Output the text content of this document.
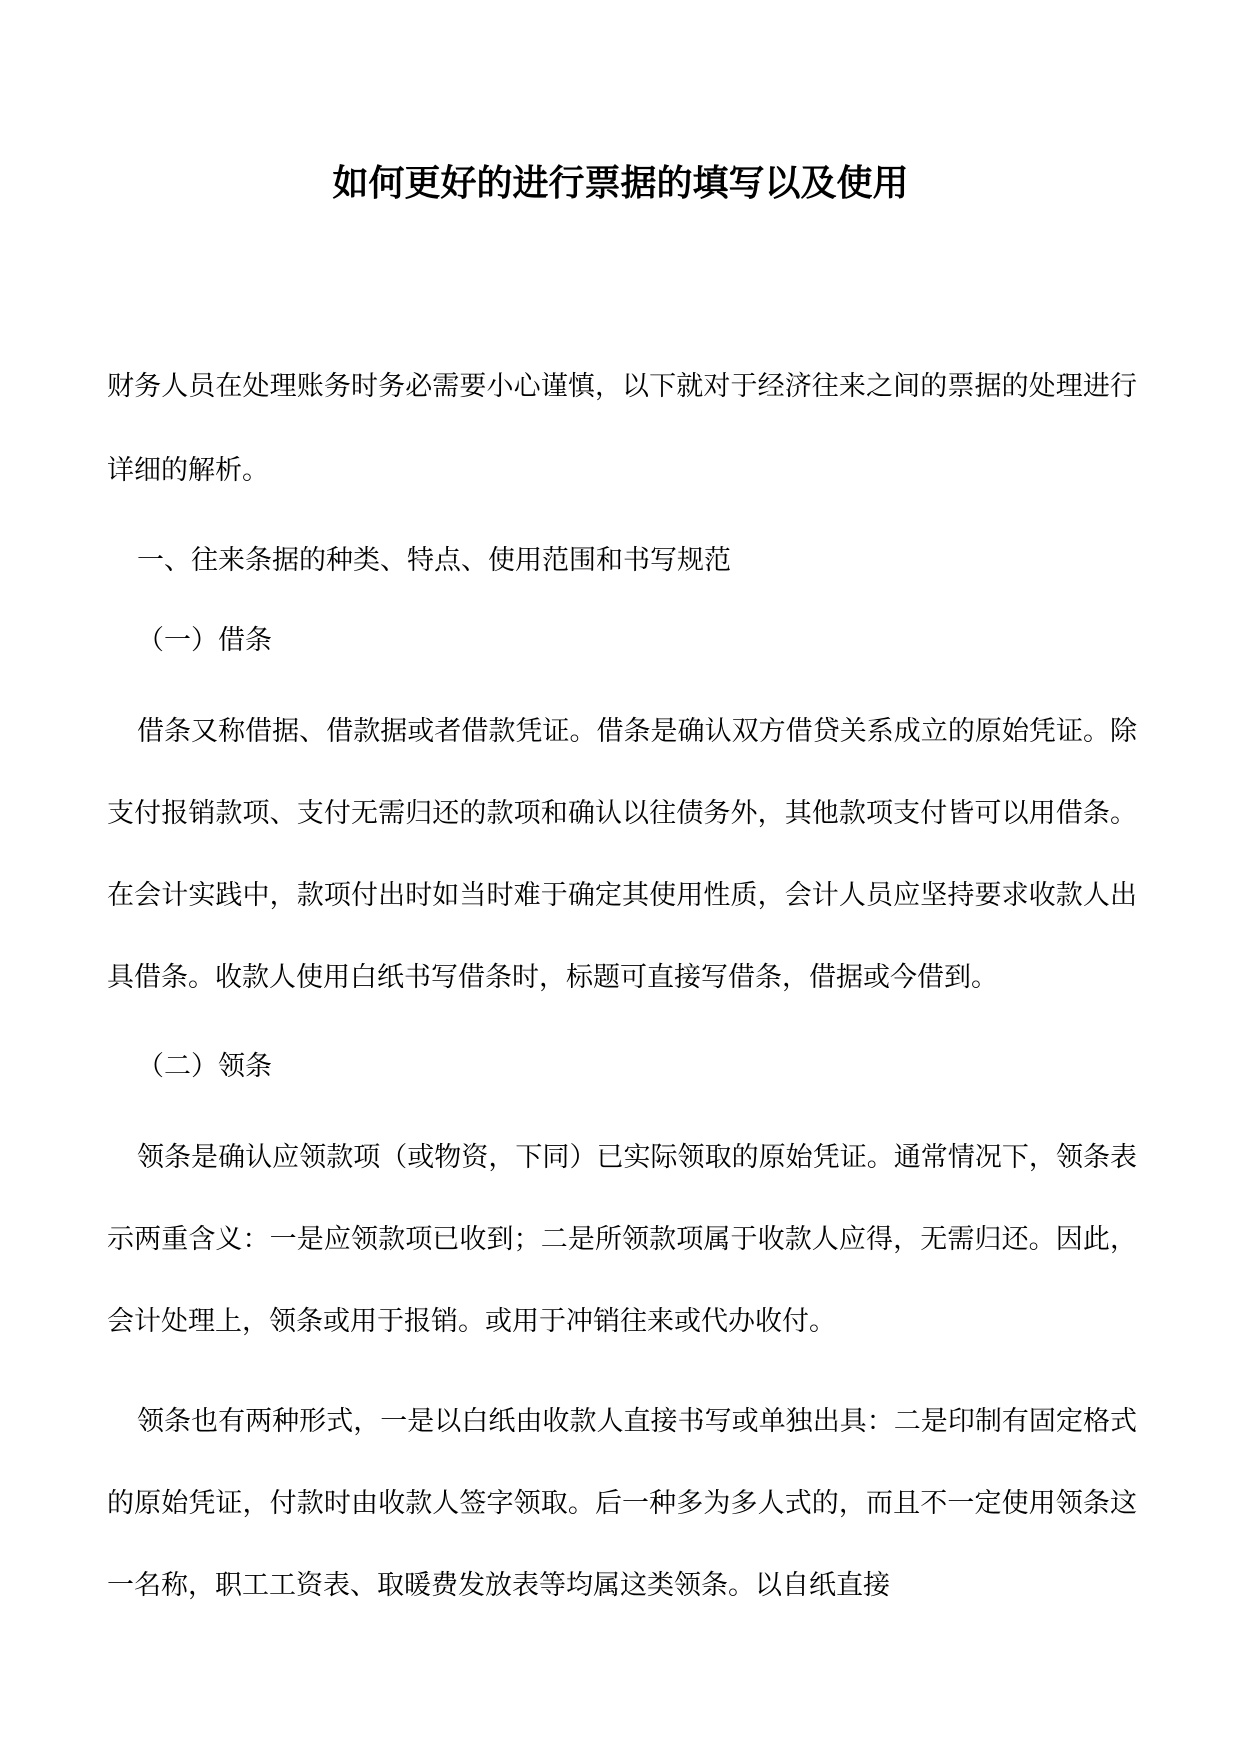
如何更好的进行票据的填写以及使用

财务人员在处理账务时务必需要小心谨慎，以下就对于经济往来之间的票据的处理进行详细的解析。

一、往来条据的种类、特点、使用范围和书写规范

（一）借条

借条又称借据、借款据或者借款凭证。借条是确认双方借贷关系成立的原始凭证。除支付报销款项、支付无需归还的款项和确认以往债务外，其他款项支付皆可以用借条。在会计实践中，款项付出时如当时难于确定其使用性质，会计人员应坚持要求收款人出具借条。收款人使用白纸书写借条时，标题可直接写借条，借据或今借到。

（二）领条

领条是确认应领款项（或物资，下同）已实际领取的原始凭证。通常情况下，领条表示两重含义：一是应领款项已收到；二是所领款项属于收款人应得，无需归还。因此，会计处理上，领条或用于报销。或用于冲销往来或代办收付。

领条也有两种形式，一是以白纸由收款人直接书写或单独出具：二是印制有固定格式的原始凭证，付款时由收款人签字领取。后一种多为多人式的，而且不一定使用领条这一名称，职工工资表、取暖费发放表等均属这类领条。以自纸直接
